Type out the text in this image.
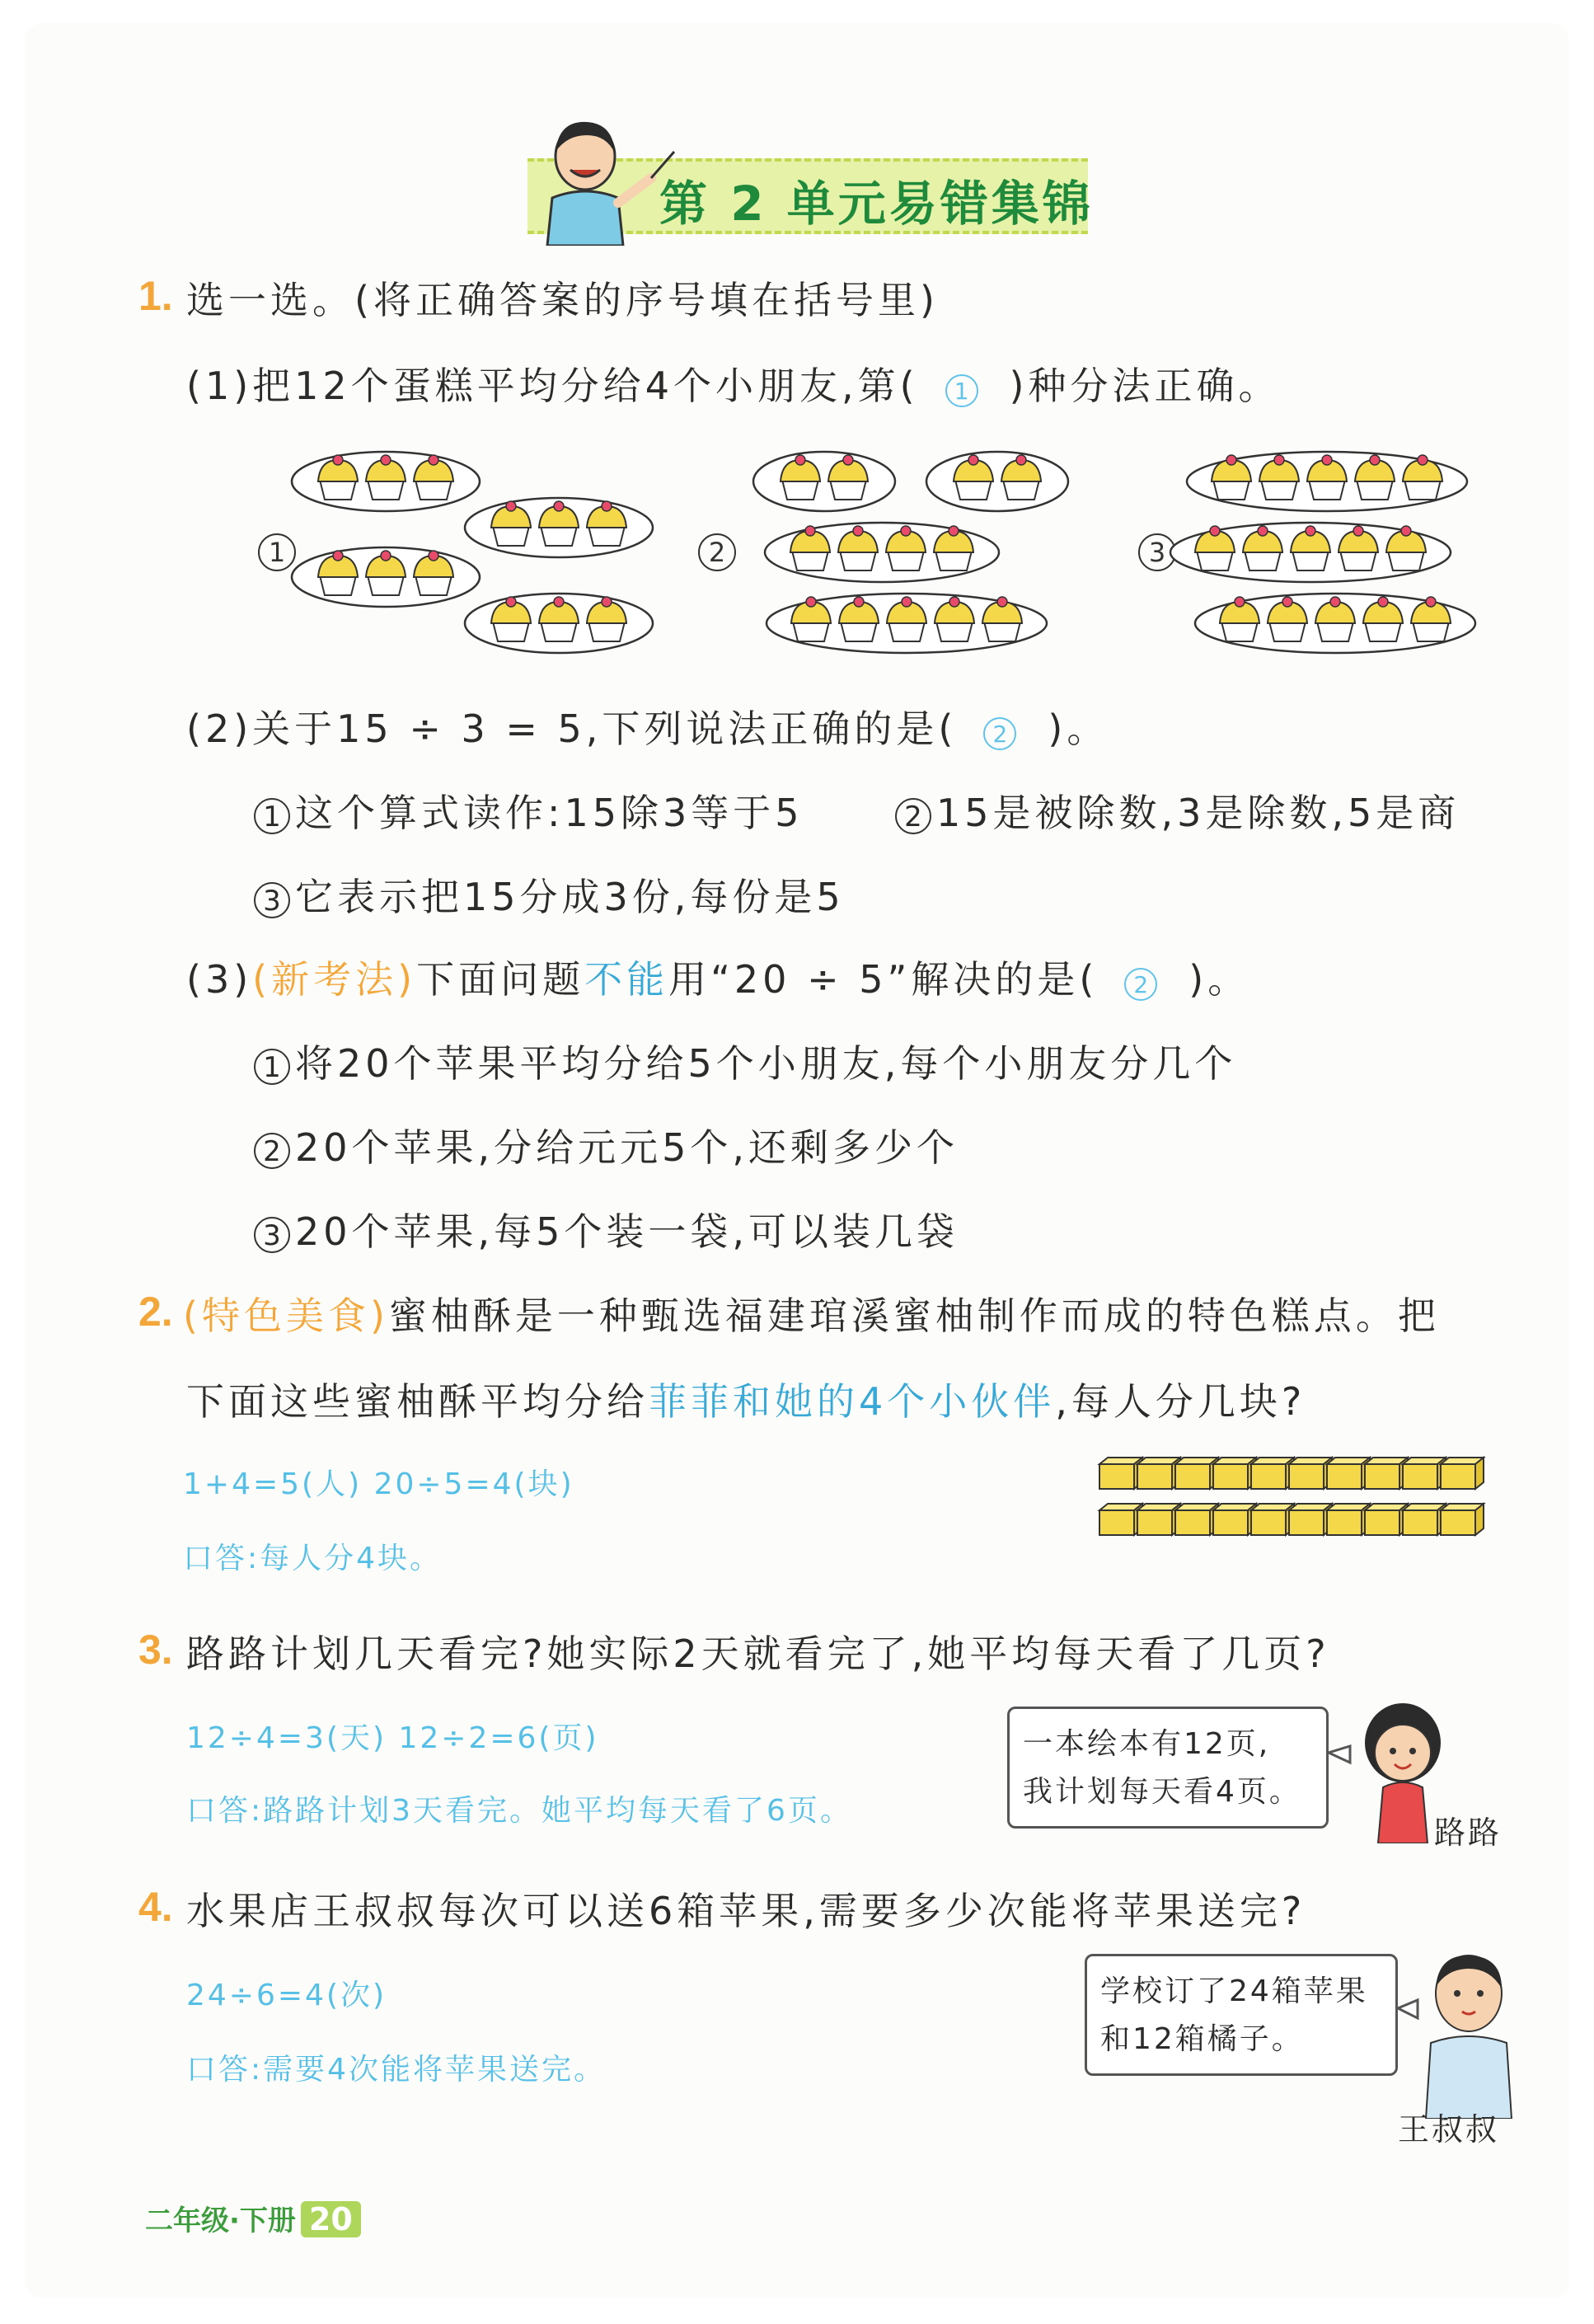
第 2 单元易错集锦
1. 选一选。(将正确答案的序号填在括号里)
(1)把12个蛋糕平均分给4个小朋友,第( 1 )种分法正确。
1	2	3
(2)关于15 ÷ 3 = 5,下列说法正确的是( 2 )。
1 这个算式读作:15除3等于5	2 15是被除数,3是除数,5是商
3 它表示把15分成3份,每份是5
(3)(新考法)下面问题不能用“20 ÷ 5”解决的是( 2 )。
1 将20个苹果平均分给5个小朋友,每个小朋友分几个
2 20个苹果,分给元元5个,还剩多少个
3 20个苹果,每5个装一袋,可以装几袋
2. (特色美食)蜜柚酥是一种甄选福建琯溪蜜柚制作而成的特色糕点。把
下面这些蜜柚酥平均分给菲菲和她的4个小伙伴,每人分几块?
1+4=5(人) 20÷5=4(块)
口答:每人分4块。
3. 路路计划几天看完?她实际2天就看完了,她平均每天看了几页?
12÷4=3(天) 12÷2=6(页)
口答:路路计划3天看完。她平均每天看了6页。
一本绘本有12页,
我计划每天看4页。
路路
4. 水果店王叔叔每次可以送6箱苹果,需要多少次能将苹果送完?
24÷6=4(次)
口答:需要4次能将苹果送完。
学校订了24箱苹果
和12箱橘子。
王叔叔
二年级·下册 20
